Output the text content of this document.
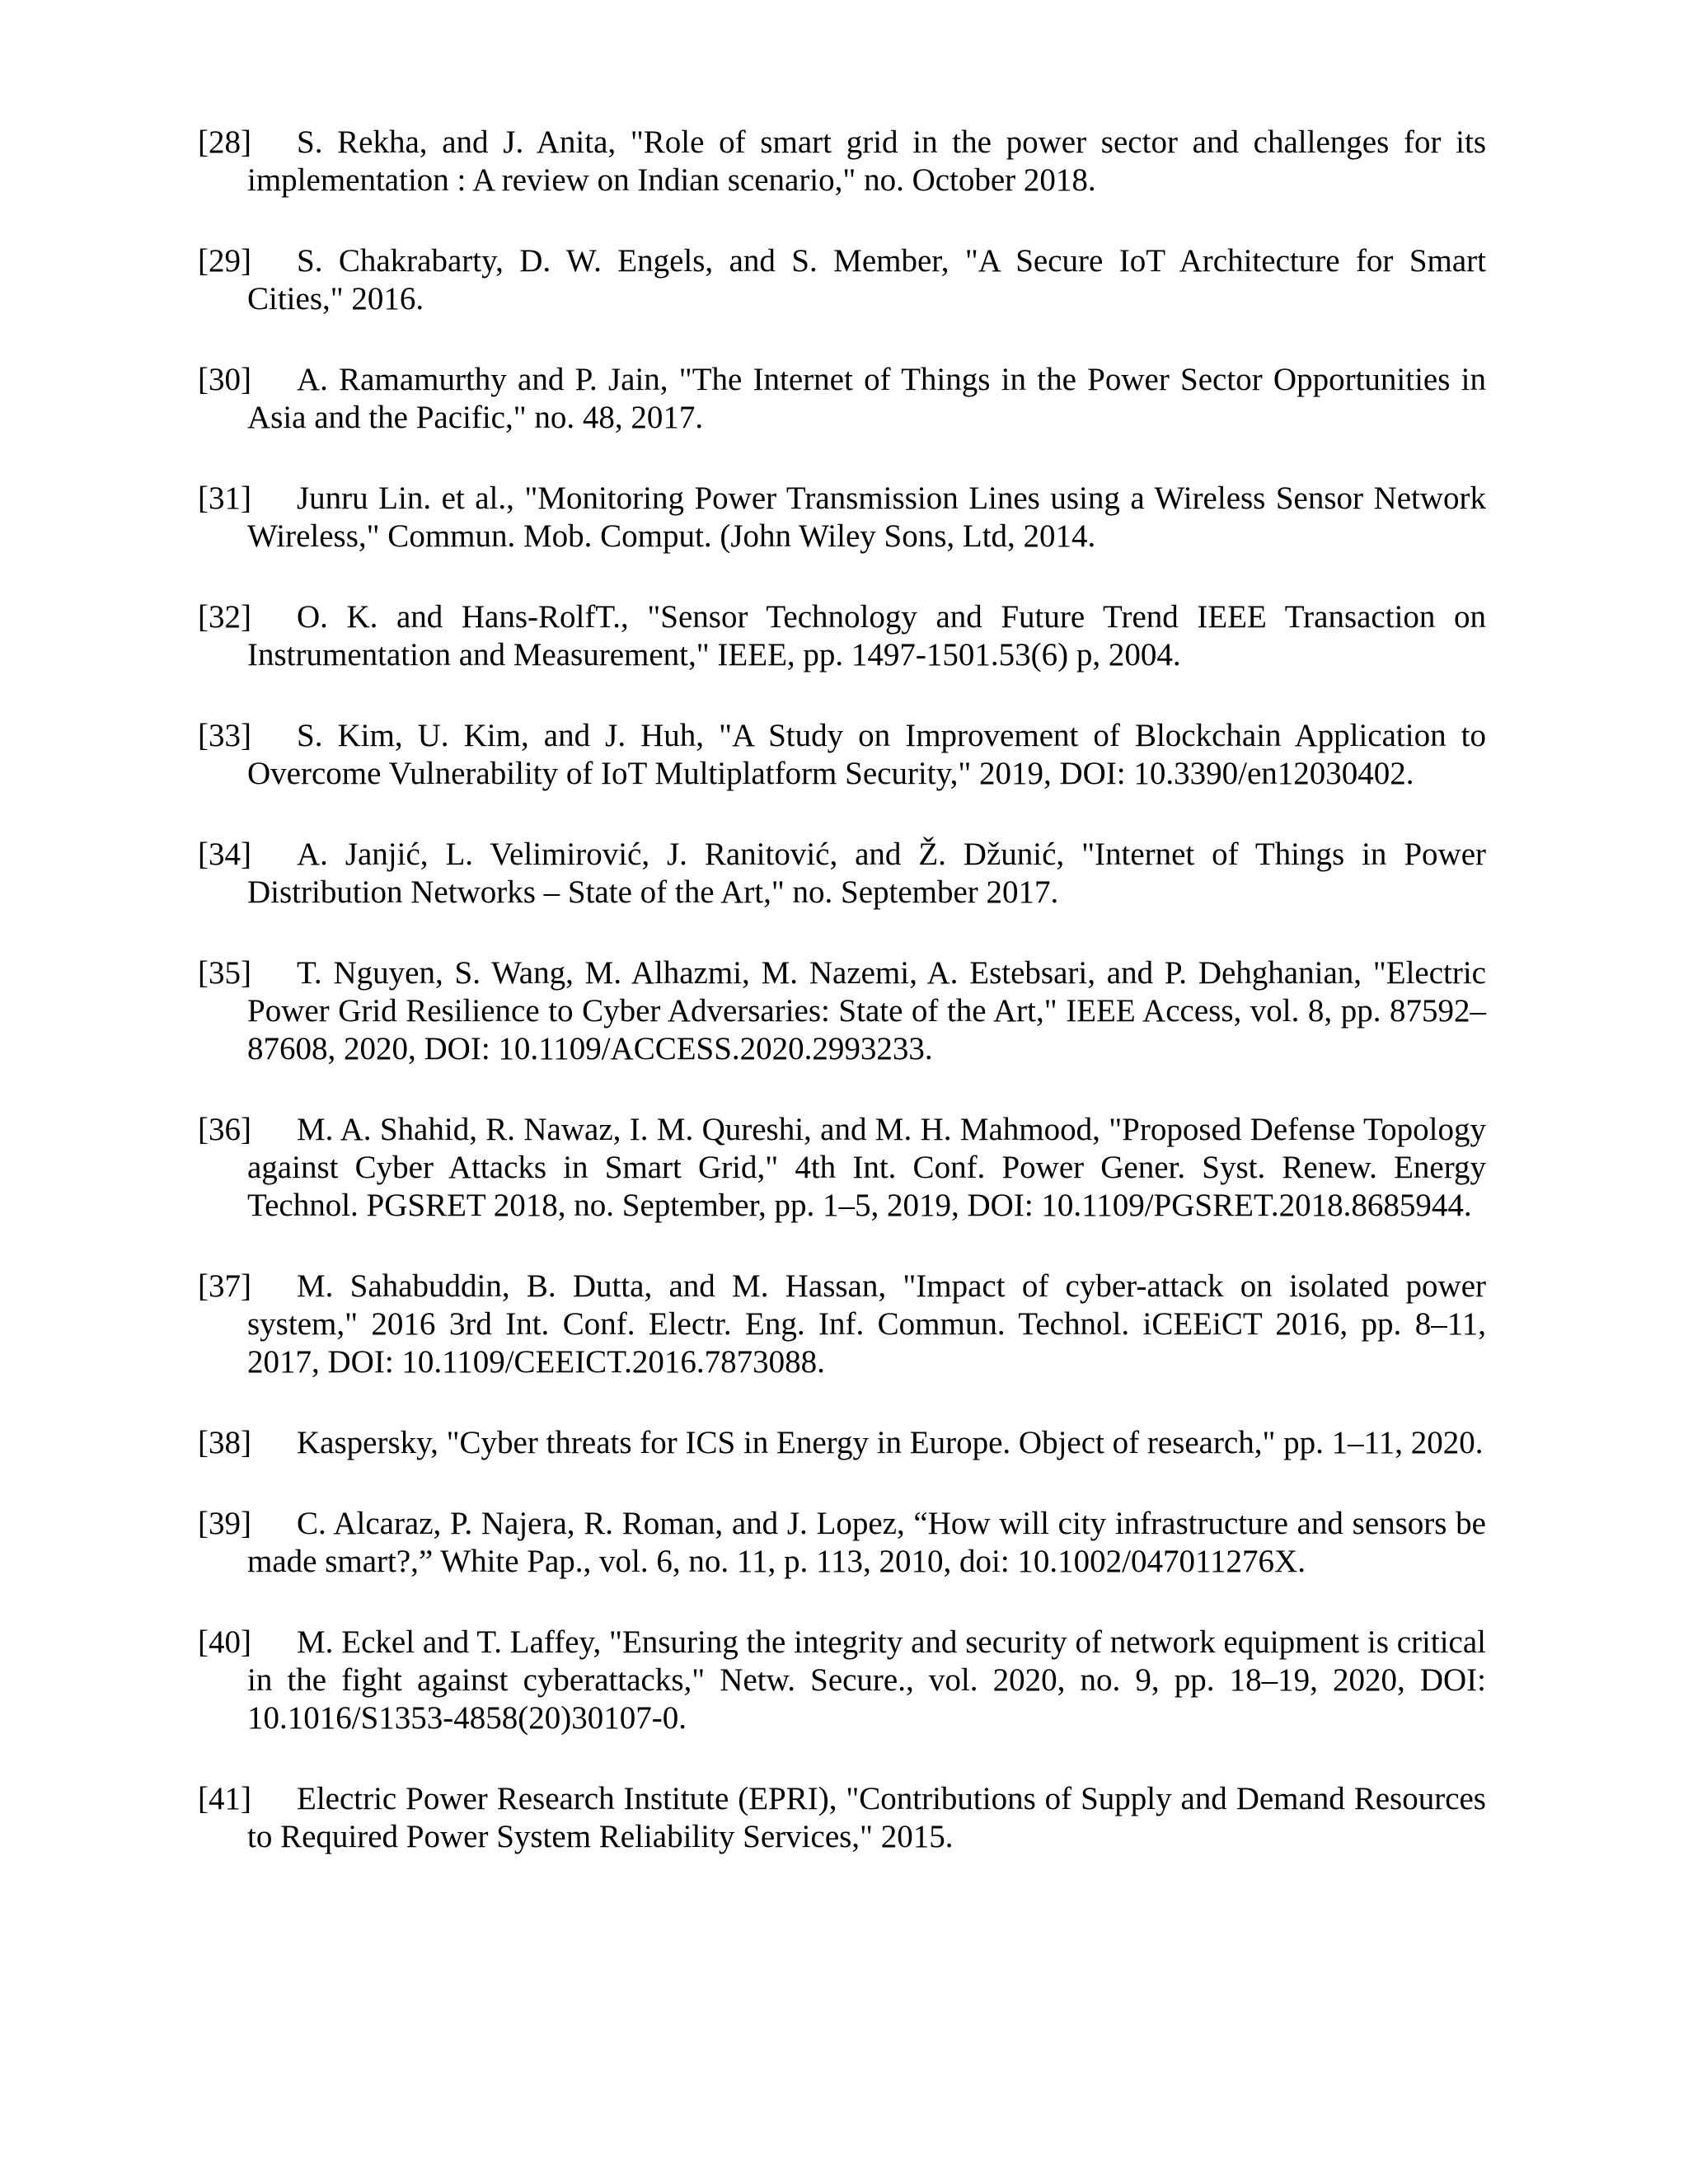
[28] S. Rekha, and J. Anita, "Role of smart grid in the power sector and challenges for its implementation : A review on Indian scenario," no. October 2018.
[29] S. Chakrabarty, D. W. Engels, and S. Member, "A Secure IoT Architecture for Smart Cities," 2016.
[30] A. Ramamurthy and P. Jain, "The Internet of Things in the Power Sector Opportunities in Asia and the Pacific," no. 48, 2017.
[31] Junru Lin. et al., "Monitoring Power Transmission Lines using a Wireless Sensor Network Wireless," Commun. Mob. Comput. (John Wiley Sons, Ltd, 2014.
[32] O. K. and Hans-RolfT., "Sensor Technology and Future Trend IEEE Transaction on Instrumentation and Measurement," IEEE, pp. 1497-1501.53(6) p, 2004.
[33] S. Kim, U. Kim, and J. Huh, "A Study on Improvement of Blockchain Application to Overcome Vulnerability of IoT Multiplatform Security," 2019, DOI: 10.3390/en12030402.
[34] A. Janjić, L. Velimirović, J. Ranitović, and Ž. Džunić, "Internet of Things in Power Distribution Networks – State of the Art," no. September 2017.
[35] T. Nguyen, S. Wang, M. Alhazmi, M. Nazemi, A. Estebsari, and P. Dehghanian, "Electric Power Grid Resilience to Cyber Adversaries: State of the Art," IEEE Access, vol. 8, pp. 87592–87608, 2020, DOI: 10.1109/ACCESS.2020.2993233.
[36] M. A. Shahid, R. Nawaz, I. M. Qureshi, and M. H. Mahmood, "Proposed Defense Topology against Cyber Attacks in Smart Grid," 4th Int. Conf. Power Gener. Syst. Renew. Energy Technol. PGSRET 2018, no. September, pp. 1–5, 2019, DOI: 10.1109/PGSRET.2018.8685944.
[37] M. Sahabuddin, B. Dutta, and M. Hassan, "Impact of cyber-attack on isolated power system," 2016 3rd Int. Conf. Electr. Eng. Inf. Commun. Technol. iCEEiCT 2016, pp. 8–11, 2017, DOI: 10.1109/CEEICT.2016.7873088.
[38] Kaspersky, "Cyber threats for ICS in Energy in Europe. Object of research," pp. 1–11, 2020.
[39] C. Alcaraz, P. Najera, R. Roman, and J. Lopez, “How will city infrastructure and sensors be made smart?,” White Pap., vol. 6, no. 11, p. 113, 2010, doi: 10.1002/047011276X.
[40] M. Eckel and T. Laffey, "Ensuring the integrity and security of network equipment is critical in the fight against cyberattacks," Netw. Secure., vol. 2020, no. 9, pp. 18–19, 2020, DOI: 10.1016/S1353-4858(20)30107-0.
[41] Electric Power Research Institute (EPRI), "Contributions of Supply and Demand Resources to Required Power System Reliability Services," 2015.
